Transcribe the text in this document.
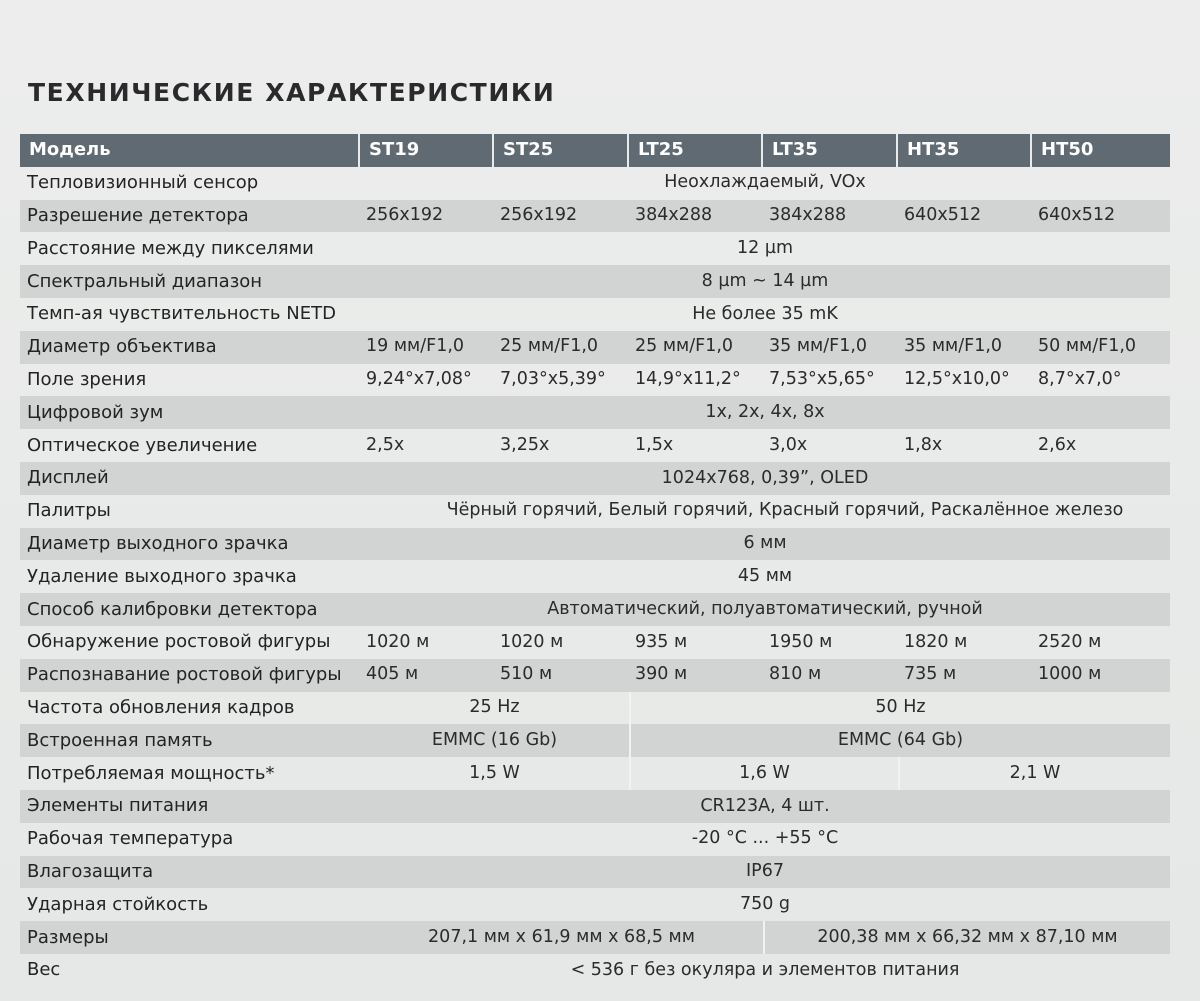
ТЕХНИЧЕСКИЕ ХАРАКТЕРИСТИКИ
Модель	ST19	ST25	LT25	LT35	HT35	HT50
Тепловизионный сенсор	Неохлаждаемый, VOx					
Разрешение детектора	256x192	256x192	384x288	384x288	640x512	640x512
Расстояние между пикселями	12 µm					
Спектральный диапазон	8 µm ~ 14 µm					
Темп-ая чувствительность NETD	Не более 35 mK					
Диаметр объектива	19 мм/F1,0	25 мм/F1,0	25 мм/F1,0	35 мм/F1,0	35 мм/F1,0	50 мм/F1,0
Поле зрения	9,24°x7,08°	7,03°x5,39°	14,9°x11,2°	7,53°x5,65°	12,5°x10,0°	8,7°x7,0°
Цифровой зум	1x, 2x, 4x, 8x					
Оптическое увеличение	2,5x	3,25x	1,5x	3,0x	1,8x	2,6x
Дисплей	1024x768, 0,39”, OLED					
Палитры	Чёрный горячий, Белый горячий, Красный горячий, Раскалённое железо					
Диаметр выходного зрачка	6 мм					
Удаление выходного зрачка	45 мм					
Способ калибровки детектора	Автоматический, полуавтоматический, ручной					
Обнаружение ростовой фигуры	1020 м	1020 м	935 м	1950 м	1820 м	2520 м
Распознавание ростовой фигуры	405 м	510 м	390 м	810 м	735 м	1000 м
Частота обновления кадров	25 Hz		50 Hz			
Встроенная память	EMMC (16 Gb)		EMMC (64 Gb)			
Потребляемая мощность*	1,5 W		1,6 W		2,1 W	
Элементы питания	CR123A, 4 шт.					
Рабочая температура	-20 °C ... +55 °C					
Влагозащита	IP67					
Ударная стойкость	750 g					
Размеры	207,1 мм x 61,9 мм x 68,5 мм			200,38 мм x 66,32 мм x 87,10 мм		
Вес	< 536 г без окуляра и элементов питания					
